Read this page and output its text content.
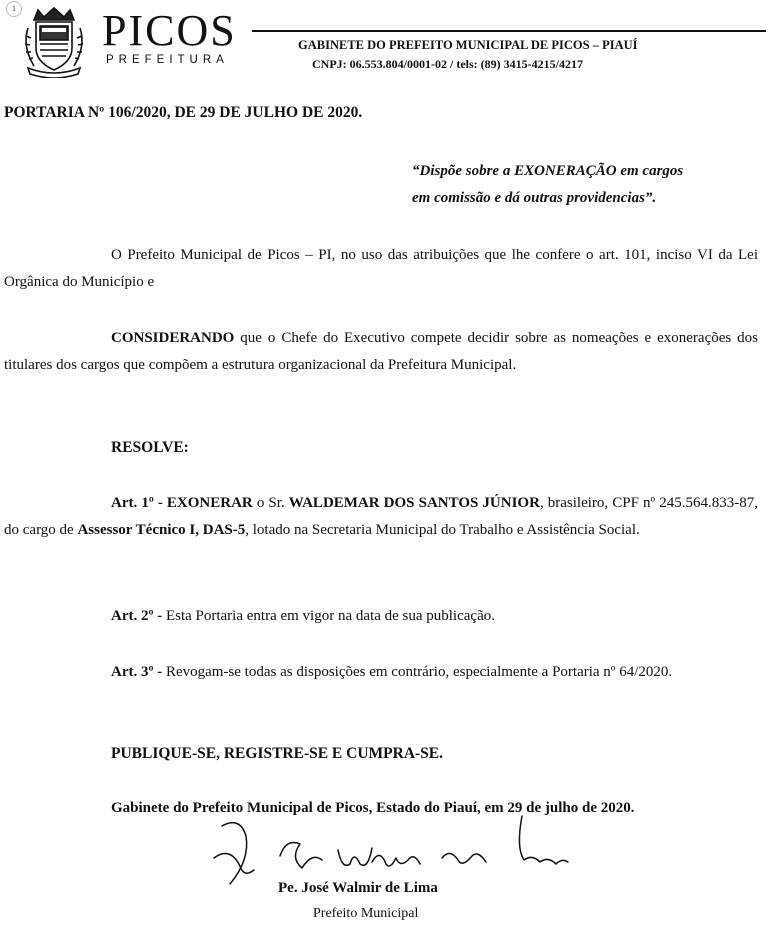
1 PICOS
PREFEITURA
GABINETE DO PREFEITO MUNICIPAL DE PICOS – PIAUÍ
CNPJ: 06.553.804/0001-02 / tels: (89) 3415-4215/4217
PORTARIA Nº 106/2020, DE 29 DE JULHO DE 2020.
“Dispõe sobre a EXONERAÇÃO em cargos
em comissão e dá outras providencias”.
O Prefeito Municipal de Picos – PI, no uso das atribuições que lhe confere o art. 101, inciso VI da Lei Orgânica do Município e
CONSIDERANDO que o Chefe do Executivo compete decidir sobre as nomeações e exonerações dos titulares dos cargos que compõem a estrutura organizacional da Prefeitura Municipal.
RESOLVE:
Art. 1º - EXONERAR o Sr. WALDEMAR DOS SANTOS JÚNIOR, brasileiro, CPF nº 245.564.833-87, do cargo de Assessor Técnico I, DAS-5, lotado na Secretaria Municipal do Trabalho e Assistência Social.
Art. 2º - Esta Portaria entra em vigor na data de sua publicação.
Art. 3º - Revogam-se todas as disposições em contrário, especialmente a Portaria nº 64/2020.
PUBLIQUE-SE, REGISTRE-SE E CUMPRA-SE.
Gabinete do Prefeito Municipal de Picos, Estado do Piauí, em 29 de julho de 2020.
Pe. José Walmir de Lima
Prefeito Municipal
